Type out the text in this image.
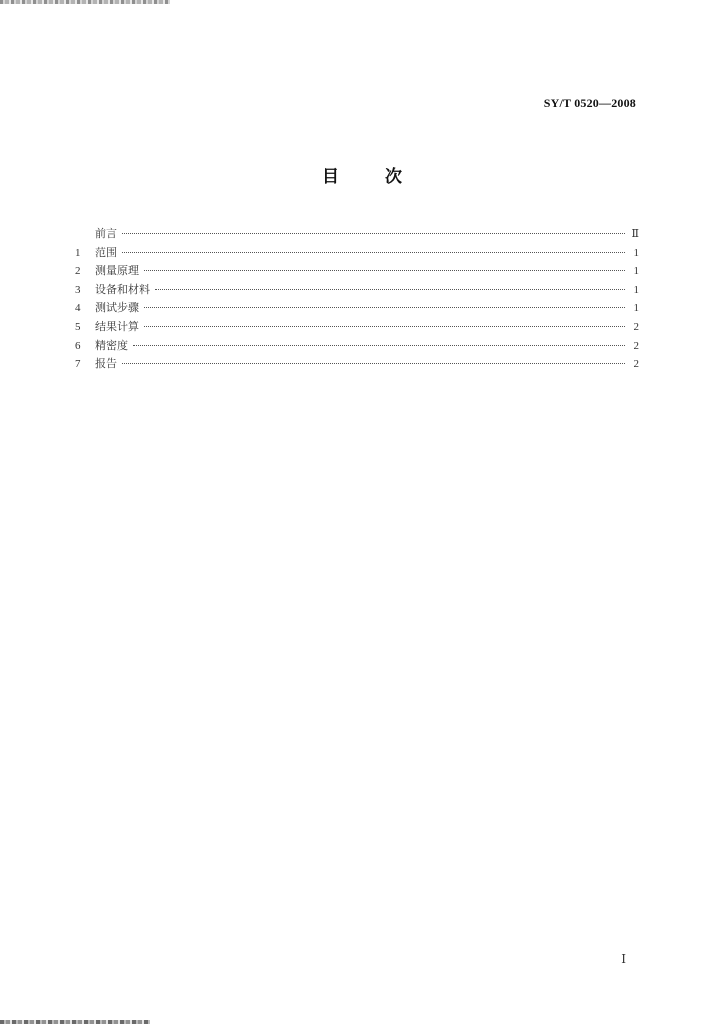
SY/T 0520—2008
目次
前言	Ⅱ
1	范围	1
2	测量原理	1
3	设备和材料	1
4	测试步骤	1
5	结果计算	2
6	精密度	2
7	报告	2
Ⅰ
